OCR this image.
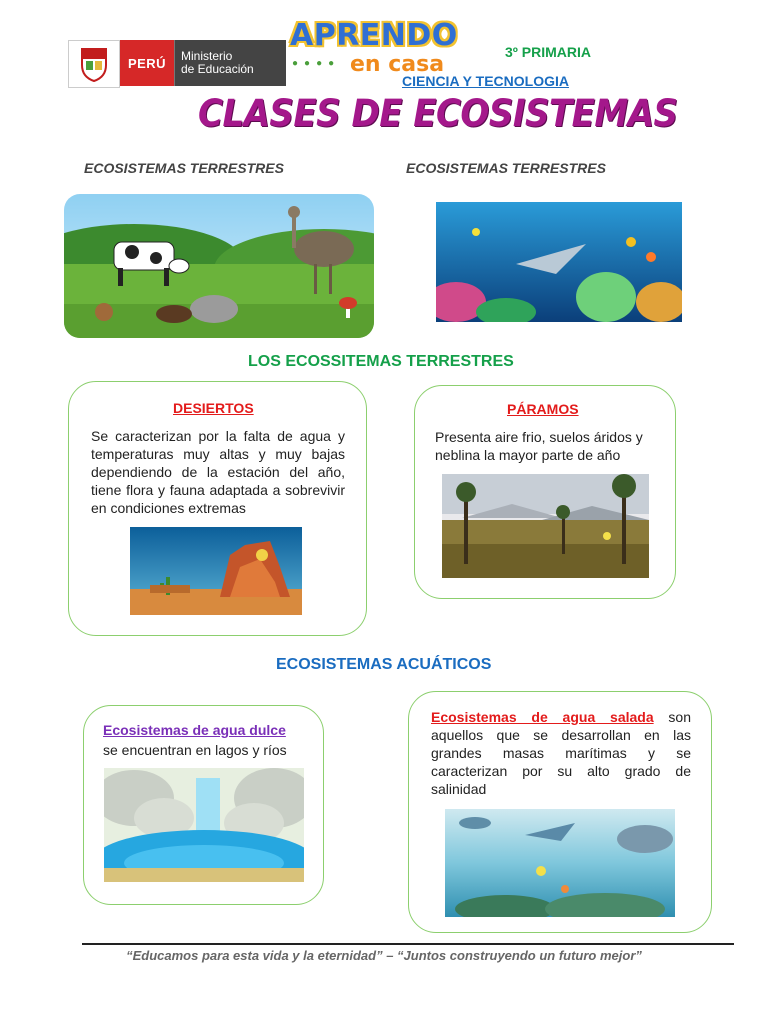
PERÚ	Ministerio
de Educación
APRENDO
●●●● en casa	3º PRIMARIA
CIENCIA Y TECNOLOGIA
CLASES DE ECOSISTEMAS
ECOSISTEMAS TERRESTRES	ECOSISTEMAS TERRESTRES
LOS ECOSSITEMAS TERRESTRES
DESIERTOS
Se caracterizan por la falta de agua y temperaturas muy altas y muy bajas dependiendo de la estación del año, tiene flora y fauna adaptada a sobrevivir en condiciones extremas
PÁRAMOS
Presenta aire frio, suelos áridos y neblina la mayor parte de año
ECOSISTEMAS ACUÁTICOS
Ecosistemas de agua dulce
se encuentran en lagos y ríos
Ecosistemas de agua salada son aquellos que se desarrollan en las grandes masas marítimas y se caracterizan por su alto grado de salinidad
“Educamos para esta vida y la eternidad” – “Juntos construyendo un futuro mejor”
